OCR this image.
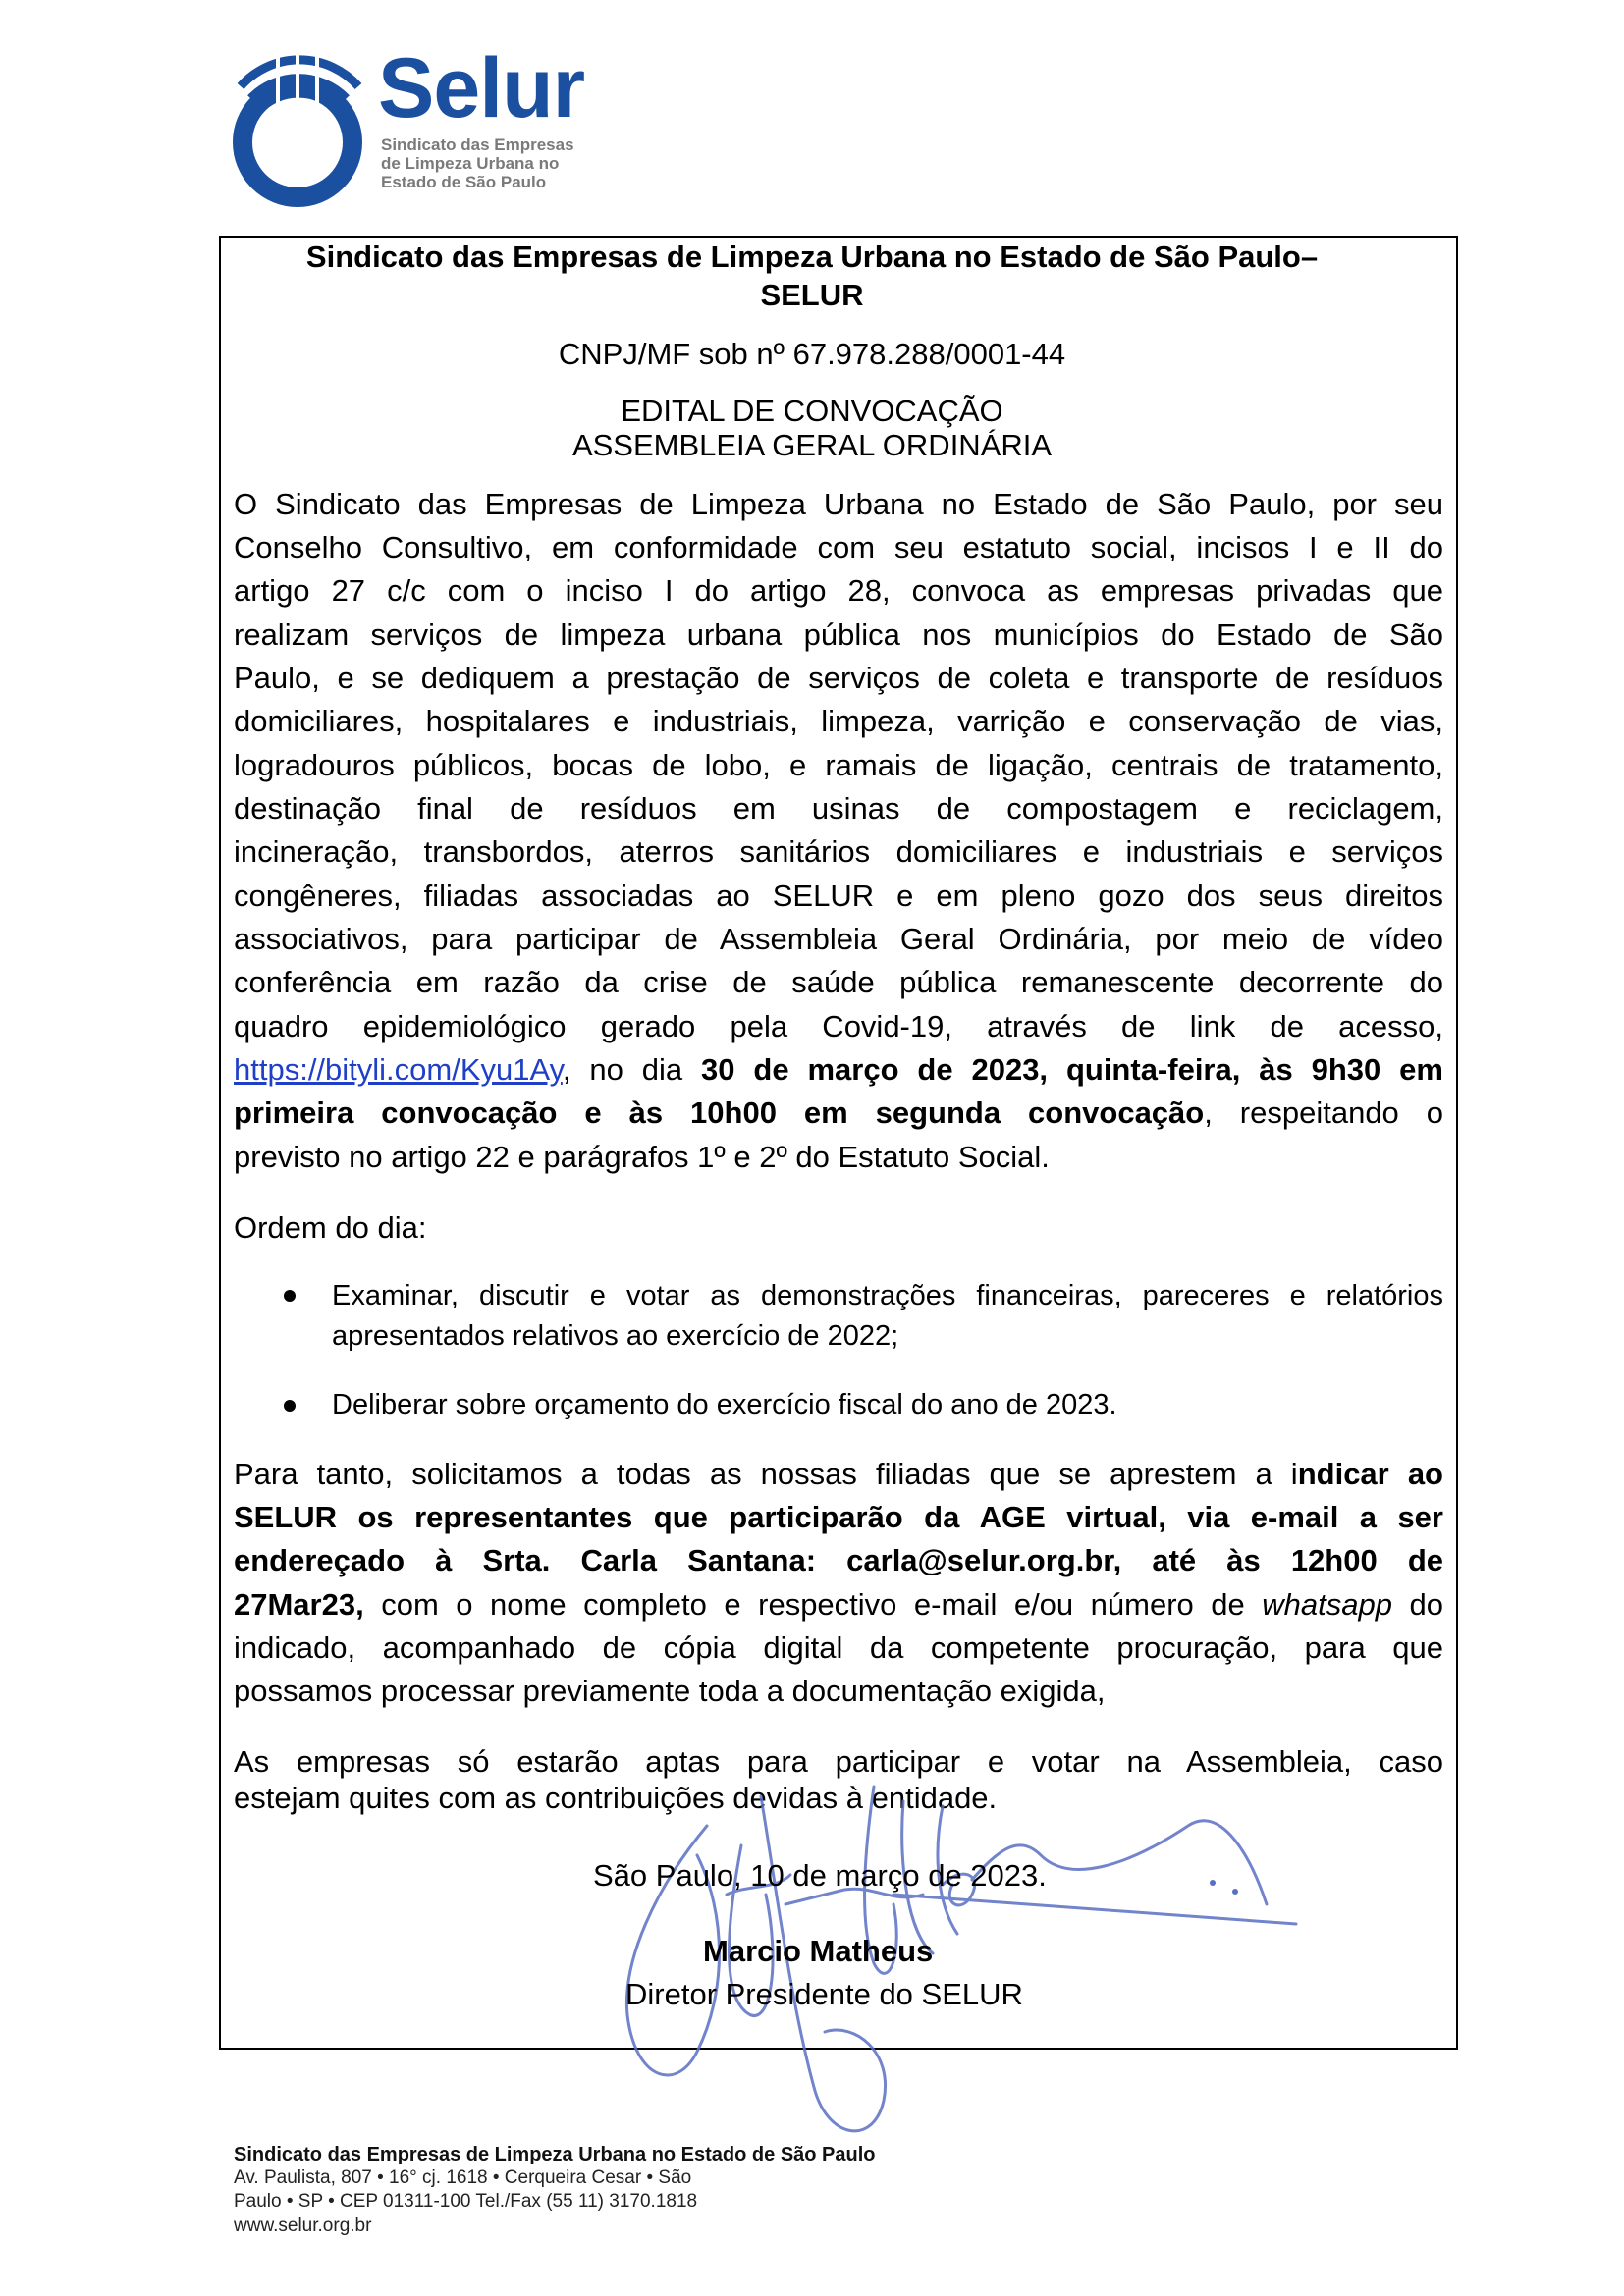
Selur
Sindicato das Empresas
de Limpeza Urbana no
Estado de São Paulo
Sindicato das Empresas de Limpeza Urbana no Estado de São Paulo–
SELUR
CNPJ/MF sob nº 67.978.288/0001-44
EDITAL DE CONVOCAÇÃO
ASSEMBLEIA GERAL ORDINÁRIA
O Sindicato das Empresas de Limpeza Urbana no Estado de São Paulo, por seu
Conselho Consultivo, em conformidade com seu estatuto social, incisos I e II do
artigo 27 c/c com o inciso I do artigo 28, convoca as empresas privadas que
realizam serviços de limpeza urbana pública nos municípios do Estado de São
Paulo, e se dediquem a prestação de serviços de coleta e transporte de resíduos
domiciliares, hospitalares e industriais, limpeza, varrição e conservação de vias,
logradouros públicos, bocas de lobo, e ramais de ligação, centrais de tratamento,
destinação final de resíduos em usinas de compostagem e reciclagem,
incineração, transbordos, aterros sanitários domiciliares e industriais e serviços
congêneres, filiadas associadas ao SELUR e em pleno gozo dos seus direitos
associativos, para participar de Assembleia Geral Ordinária, por meio de vídeo
conferência em razão da crise de saúde pública remanescente decorrente do
quadro epidemiológico gerado pela Covid-19, através de link de acesso,
https://bityli.com/Kyu1Ay, no dia 30 de março de 2023, quinta-feira, às 9h30 em
primeira convocação e às 10h00 em segunda convocação, respeitando o
previsto no artigo 22 e parágrafos 1º e 2º do Estatuto Social.
Ordem do dia:
Examinar, discutir e votar as demonstrações financeiras, pareceres e relatórios
apresentados relativos ao exercício de 2022;
Deliberar sobre orçamento do exercício fiscal do ano de 2023.
Para tanto, solicitamos a todas as nossas filiadas que se aprestem a indicar ao
SELUR os representantes que participarão da AGE virtual, via e-mail a ser
endereçado à Srta. Carla Santana: carla@selur.org.br, até às 12h00 de
27Mar23, com o nome completo e respectivo e-mail e/ou número de whatsapp do
indicado, acompanhado de cópia digital da competente procuração, para que
possamos processar previamente toda a documentação exigida,
As empresas só estarão aptas para participar e votar na Assembleia, caso
estejam quites com as contribuições devidas à entidade.
São Paulo, 10 de março de 2023.
Marcio Matheus
Diretor Presidente do SELUR
Sindicato das Empresas de Limpeza Urbana no Estado de São Paulo
Av. Paulista, 807 • 16° cj. 1618 • Cerqueira Cesar • São
Paulo • SP • CEP 01311-100 Tel./Fax (55 11) 3170.1818
www.selur.org.br
